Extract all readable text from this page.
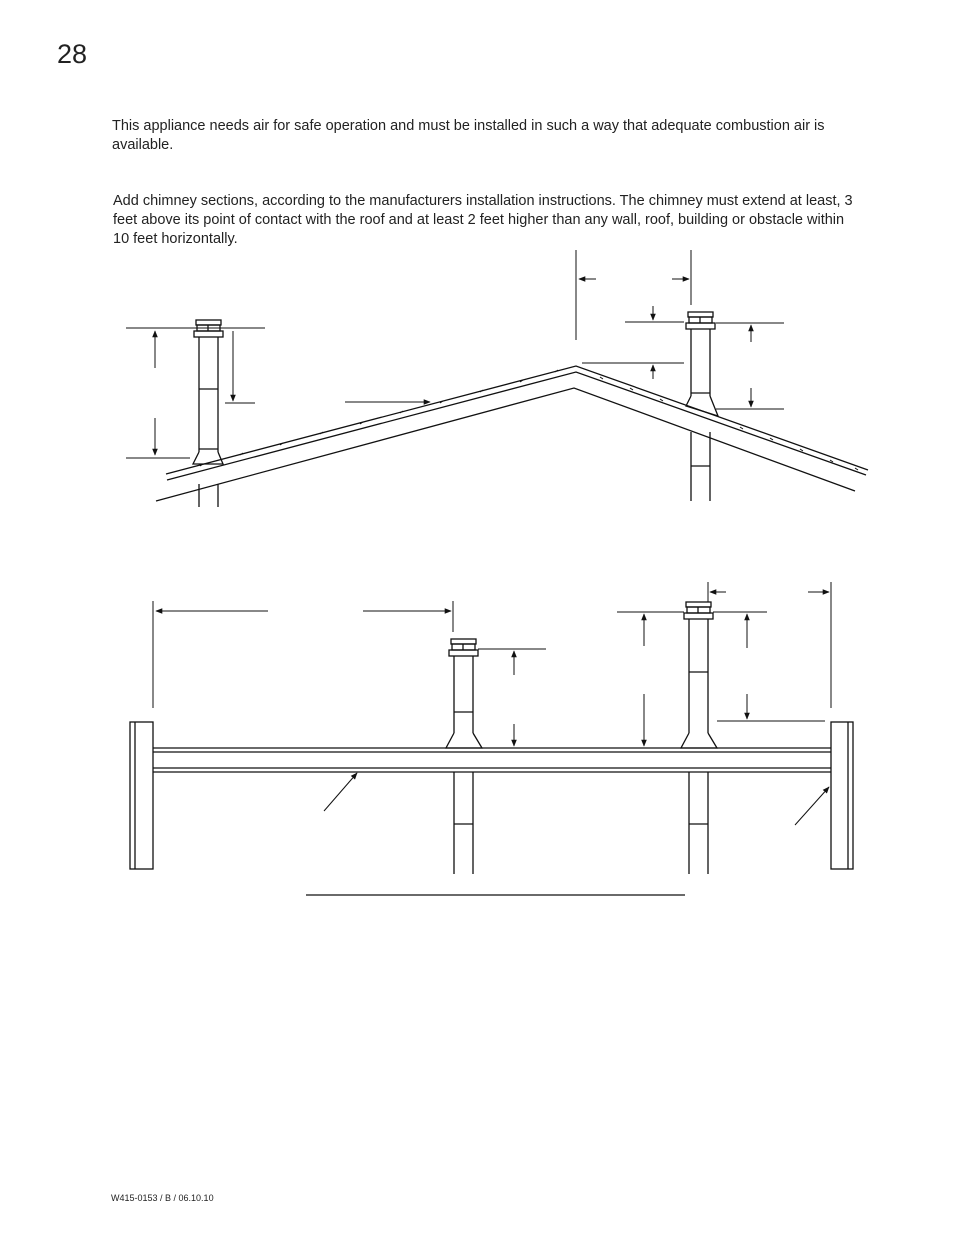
28

This appliance needs air for safe operation and must be installed in such a way that adequate combustion air is available.

Add chimney sections, according to the manufacturers installation instructions. The chimney must extend at least, 3 feet above its point of contact with the roof and at least 2 feet higher than any wall, roof, building or obstacle within 10 feet horizontally.

W415-0153 / B / 06.10.10
